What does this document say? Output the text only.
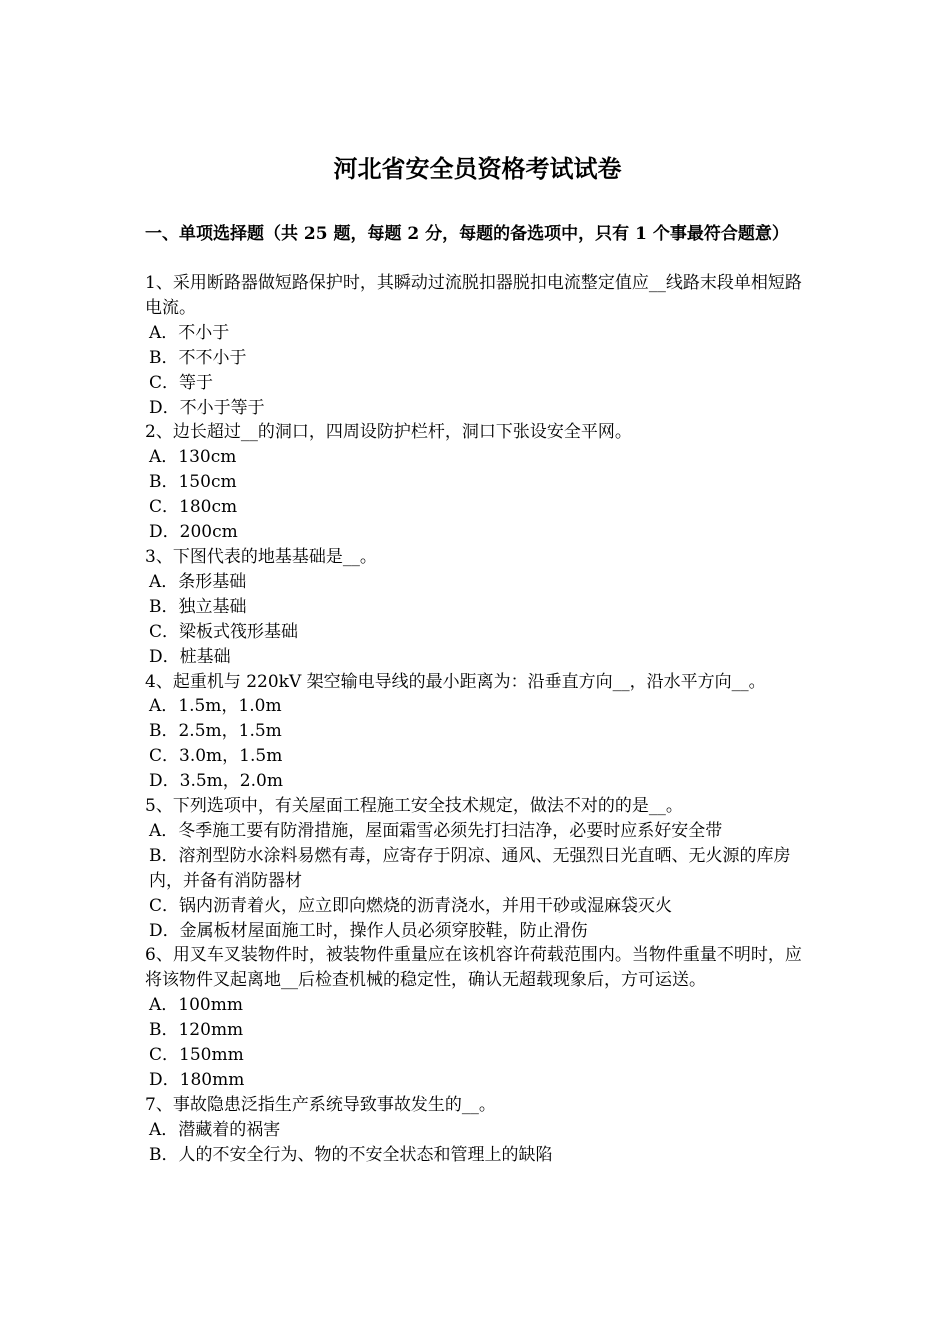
河北省安全员资格考试试卷
一、单项选择题（共 25 题，每题 2 分，每题的备选项中，只有 1 个事最符合题意）

1、采用断路器做短路保护时，其瞬动过流脱扣器脱扣电流整定值应__线路末段单相短路电流。

A．不小于

B．不不小于

C．等于

D．不小于等于

2、边长超过__的洞口，四周设防护栏杆，洞口下张设安全平网。

A．130cm

B．150cm

C．180cm

D．200cm

3、下图代表的地基基础是__。

A．条形基础

B．独立基础

C．梁板式筏形基础

D．桩基础

4、起重机与 220kV 架空输电导线的最小距离为：沿垂直方向__，沿水平方向__。

A．1.5m，1.0m

B．2.5m，1.5m

C．3.0m，1.5m

D．3.5m，2.0m

5、下列选项中，有关屋面工程施工安全技术规定，做法不对的的是__。

A．冬季施工要有防滑措施，屋面霜雪必须先打扫洁净，必要时应系好安全带

B．溶剂型防水涂料易燃有毒，应寄存于阴凉、通风、无强烈日光直晒、无火源的库房内，并备有消防器材

C．锅内沥青着火，应立即向燃烧的沥青浇水，并用干砂或湿麻袋灭火

D．金属板材屋面施工时，操作人员必须穿胶鞋，防止滑伤

6、用叉车叉装物件时，被装物件重量应在该机容许荷载范围内。当物件重量不明时，应将该物件叉起离地__后检查机械的稳定性，确认无超载现象后，方可运送。

A．100mm

B．120mm

C．150mm

D．180mm

7、事故隐患泛指生产系统导致事故发生的__。

A．潜藏着的祸害

B．人的不安全行为、物的不安全状态和管理上的缺陷
